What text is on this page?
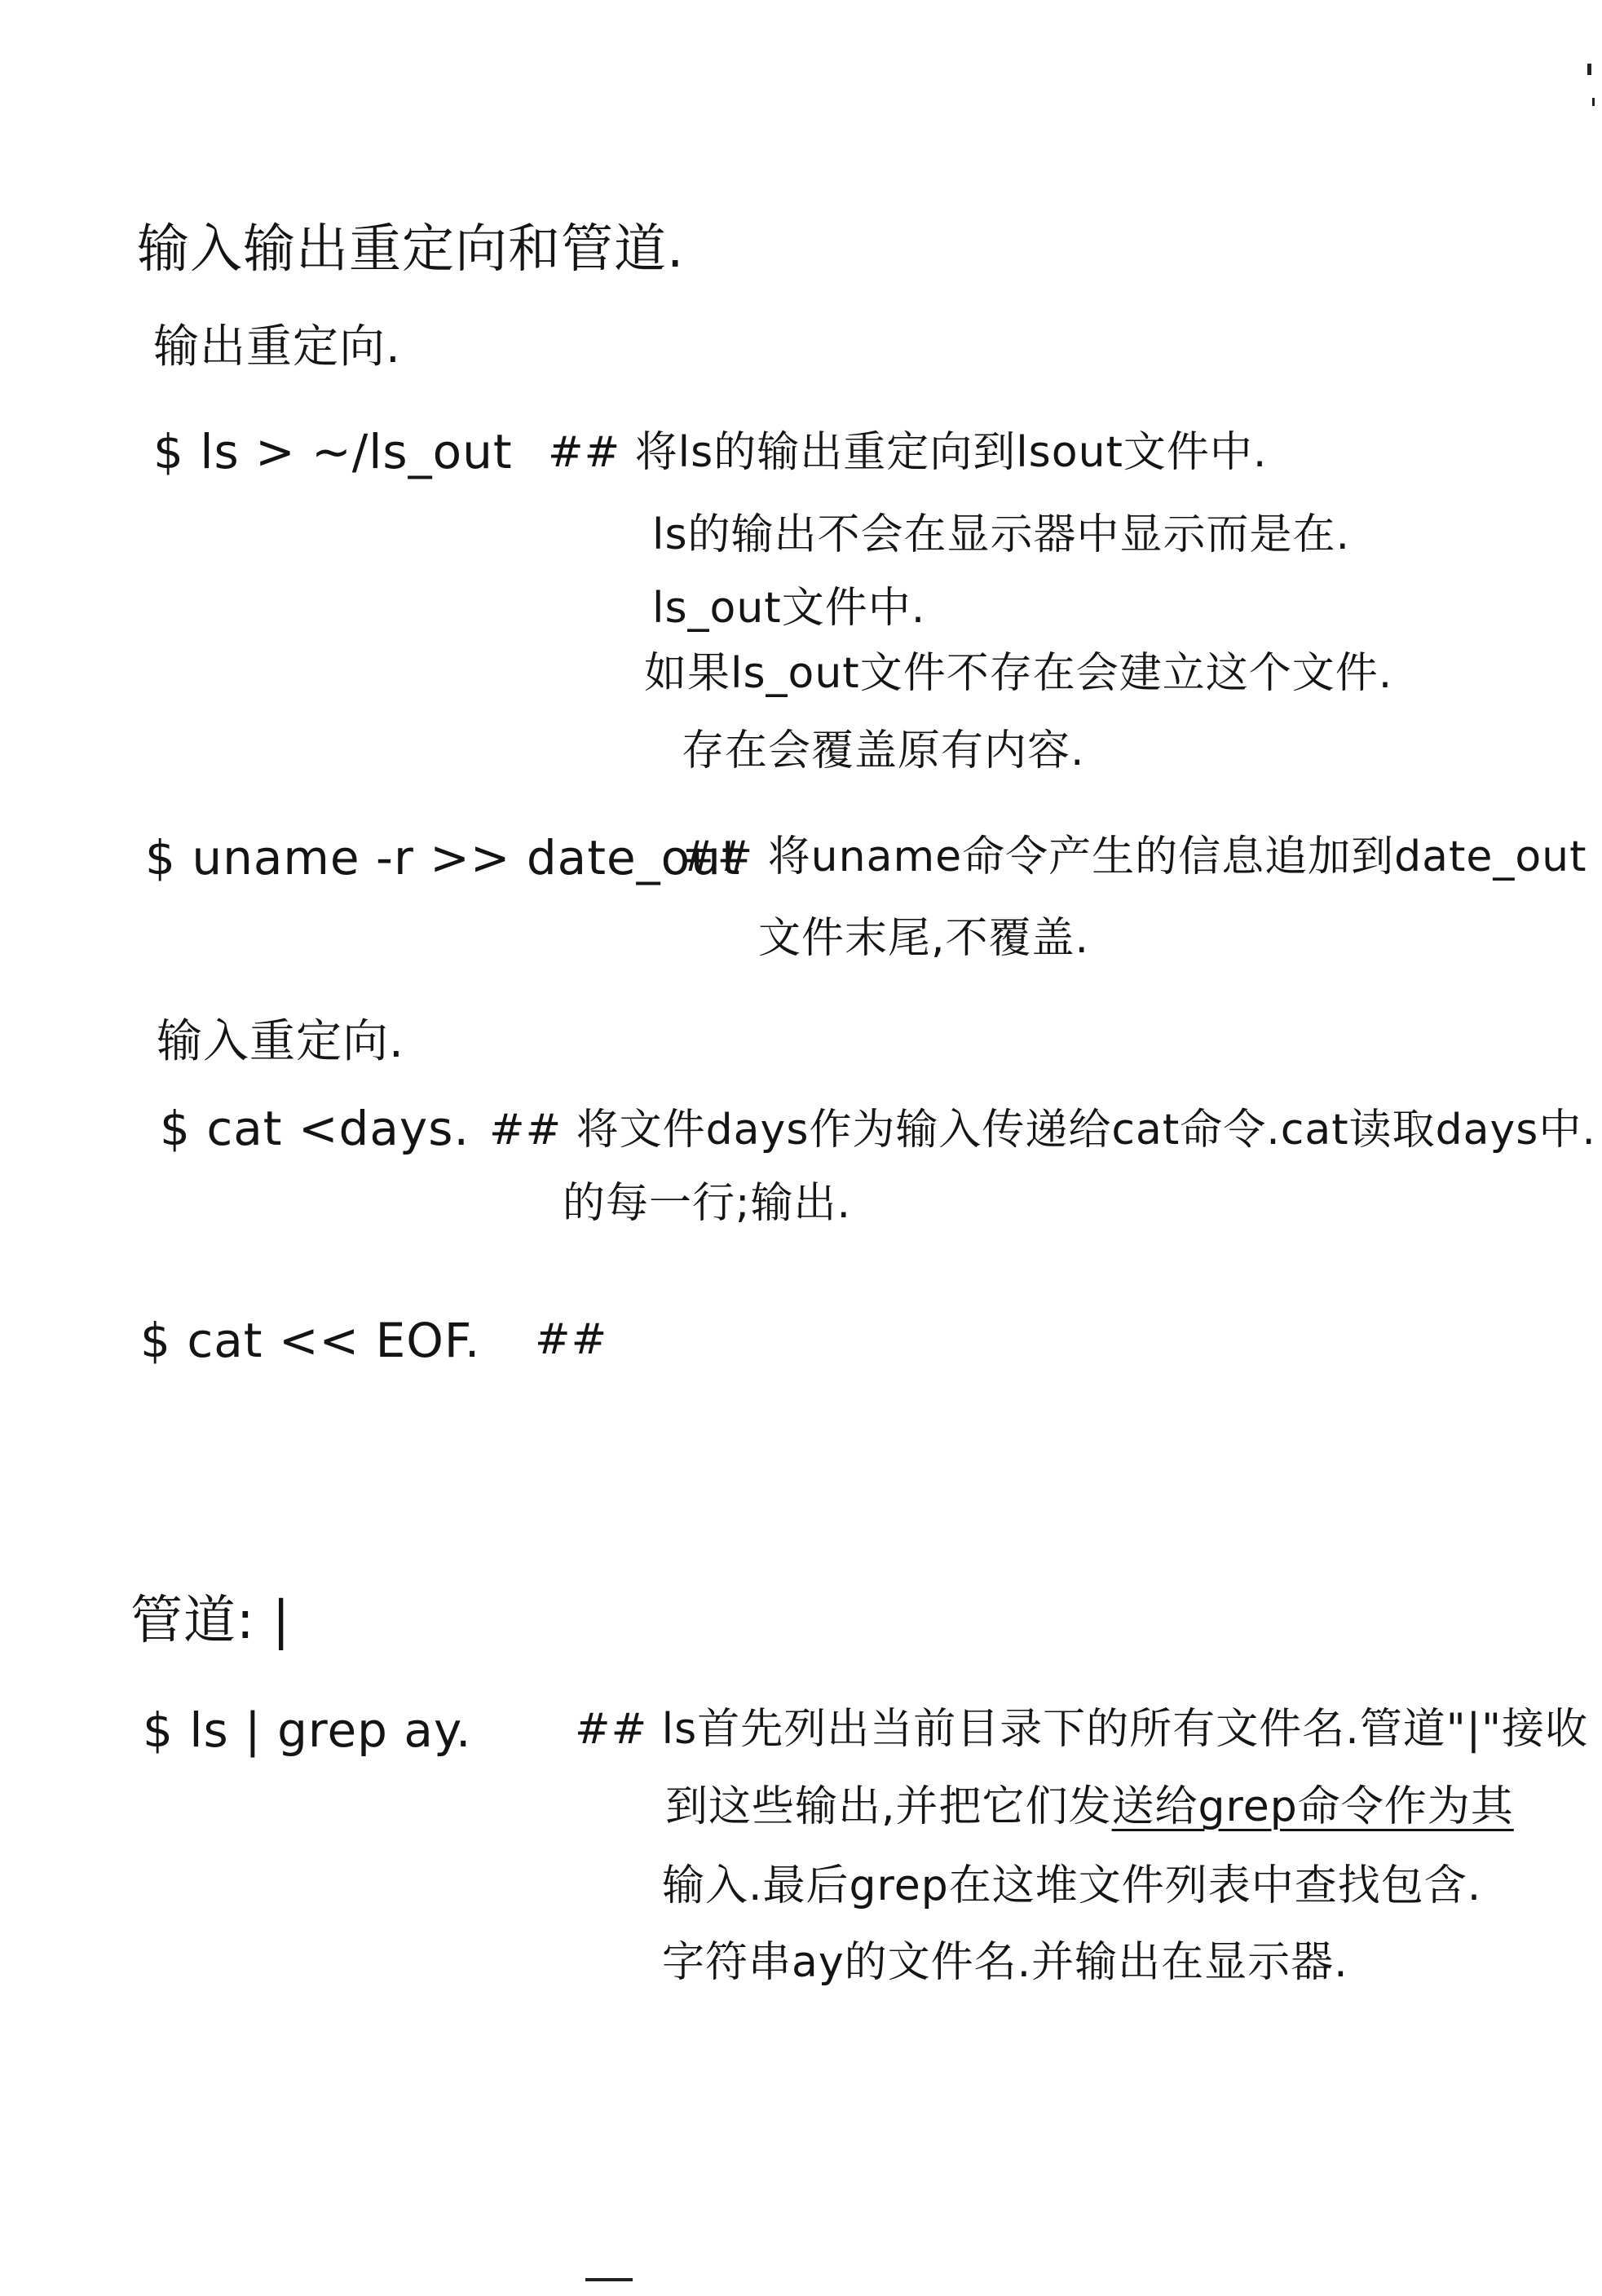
输入输出重定向和管道.
输出重定向.
$ ls > ~/ls_out ## 将ls的输出重定向到lsout文件中.
ls的输出不会在显示器中显示而是在.
ls_out文件中.
如果ls_out文件不存在会建立这个文件.
存在会覆盖原有内容.
$ uname -r >> date_out
## 将uname命令产生的信息追加到date_out
文件末尾,不覆盖.
输入重定向.
$ cat <days. ## 将文件days作为输入传递给cat命令.cat读取days中.
的每一行;输出.
$ cat << EOF. ##
管道: |
$ ls | grep ay. ## ls首先列出当前目录下的所有文件名.管道"|"接收
到这些输出,并把它们发送给grep命令作为其
输入.最后grep在这堆文件列表中查找包含.
字符串ay的文件名.并输出在显示器.
